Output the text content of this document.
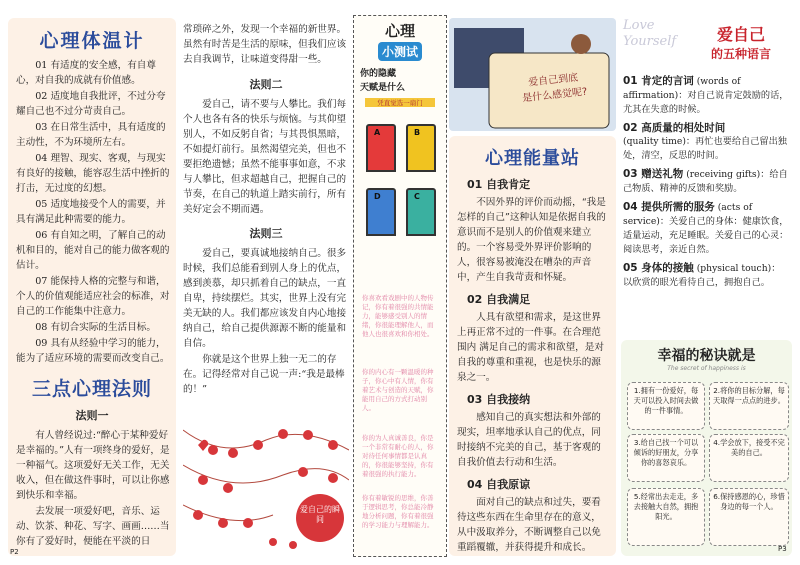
心理体温计

01 有适度的安全感，有自尊心，对自我的成就有价值感。

02 适度地自我批评，不过分夸耀自己也不过分苛责自己。

03 在日常生活中，具有适度的主动性，不为环境所左右。

04 理智、现实、客观，与现实有良好的接触，能容忍生活中挫折的打击，无过度的幻想。

05 适度地接受个人的需要，并具有满足此种需要的能力。

06 有自知之明，了解自己的动机和目的，能对自己的能力做客观的估计。

07 能保持人格的完整与和谐，个人的价值观能适应社会的标准，对自己的工作能集中注意力。

08 有切合实际的生活目标。

09 具有从经验中学习的能力，能为了适应环境的需要而改变自己。

三点心理法则
法则一

有人曾经说过:“醉心于某种爱好是幸福的。”人有一项终身的爱好，是一种福气。这项爱好无关工作，无关收入，但在做这件事时，可以让你感到快乐和幸福。

去发展一项爱好吧，音乐、运动、饮茶、种花、写字、画画……当你有了爱好时，便能在平淡的日

P2

常琐碎之外，发现一个幸福的新世界。虽然有时苦是生活的原味，但我们应该去自我调节，让味道变得甜一些。

法则二

爱自己，请不要与人攀比。我们每个人也各有各的快乐与烦恼。与其仰望别人，不如反躬自省；与其畏惧黑暗，不如提灯前行。虽然渴望完美，但也不要拒绝遗憾；虽然不能事事如意，不求与人攀比，但求超越自己，把握自己的节奏，在自己的轨道上踏实前行，所有美好定会不期而遇。

法则三

爱自己，要真诚地接纳自己。很多时候，我们总能看到别人身上的优点，感到羡慕，却只抓着自己的缺点，一直自卑，持续摆烂。其实，世界上没有完美无缺的人。我们都应该发自内心地接纳自己，给自己提供源源不断的能量和自信。

你就是这个世界上独一无二的存在。记得经常对自己说一声:“我是最棒的！”

爱自己的瞬间
心理
小测试
你的隐藏
天赋是什么
凭直觉选一扇门
A	B
D	C
你喜欢看戏剧中的人物传记，你有着很强的共情能力，能够感受别人的情绪，你很能理解他人，而他人也很喜欢和你相处。
你的内心有一颗温暖的种子，你心中有人情，你有着艺术与创造的天赋，你能用自己的方式打动别人。
你的为人真诚善良，你是一个非常有耐心的人，你对待任何事情都是认真的，你很能够坚持，你有着很强的执行能力。
你有着敏锐的思维，你善于逻辑思考，你总能冷静地分析问题，你有着很强的学习能力与理解能力。
爱自己到底
是什么感觉呢?
心理能量站
01 自我肯定

不因外界的评价而动摇，“我是怎样的自己”这种认知是依据自我的意识而不是别人的价值观来建立的。一个容易受外界评价影响的人，很容易被淹没在嘈杂的声音中，产生自我苛责和怀疑。

02 自我满足

人具有欲望和需求，是这世界上再正常不过的一件事。在合理范围内 满足自己的需求和欲望，是对自我的尊重和重视，也是快乐的源泉之一。

03 自我接纳

感知自己的真实想法和外部的现实，坦率地承认自己的优点，同时接纳不完美的自己，基于客观的自我价值去行动和生活。

04 自我原谅

面对自己的缺点和过失，要看待这些东西在生命里存在的意义，从中汲取养分，不断调整自己以免重蹈覆辙，并获得提升和成长。

Love Yourself	爱自己
的五种语言
01 肯定的言词 (words of affirmation)：对自己说肯定鼓励的话，尤其在失意的时候。
02 高质量的相处时间
(quality time)：再忙也要给自己留出独处，清空，反思的时间。
03 赠送礼物 (receiving gifts)：给自己物质、精神的反馈和奖励。
04 提供所需的服务 (acts of service)：关爱自己的身体：健康饮食，适量运动，充足睡眠。关爱自己的心灵：阅读思考，亲近自然。
05 身体的接触 (physical touch)：以欣赏的眼光看待自己，拥抱自己。
幸福的秘诀就是
The secret of happiness is
1.拥有一份爱好，每天可以投入时间去做的一件事情。
2.将你的目标分解，每天取得一点点的进步。
3.给自己找一个可以倾诉的好朋友，分享你的喜怒哀乐。
4.学会放下，接受不完美的自己。
5.经常出去走走，多去接触大自然，拥抱阳光。
6.保持感恩的心，珍惜身边的每一个人。
P3
